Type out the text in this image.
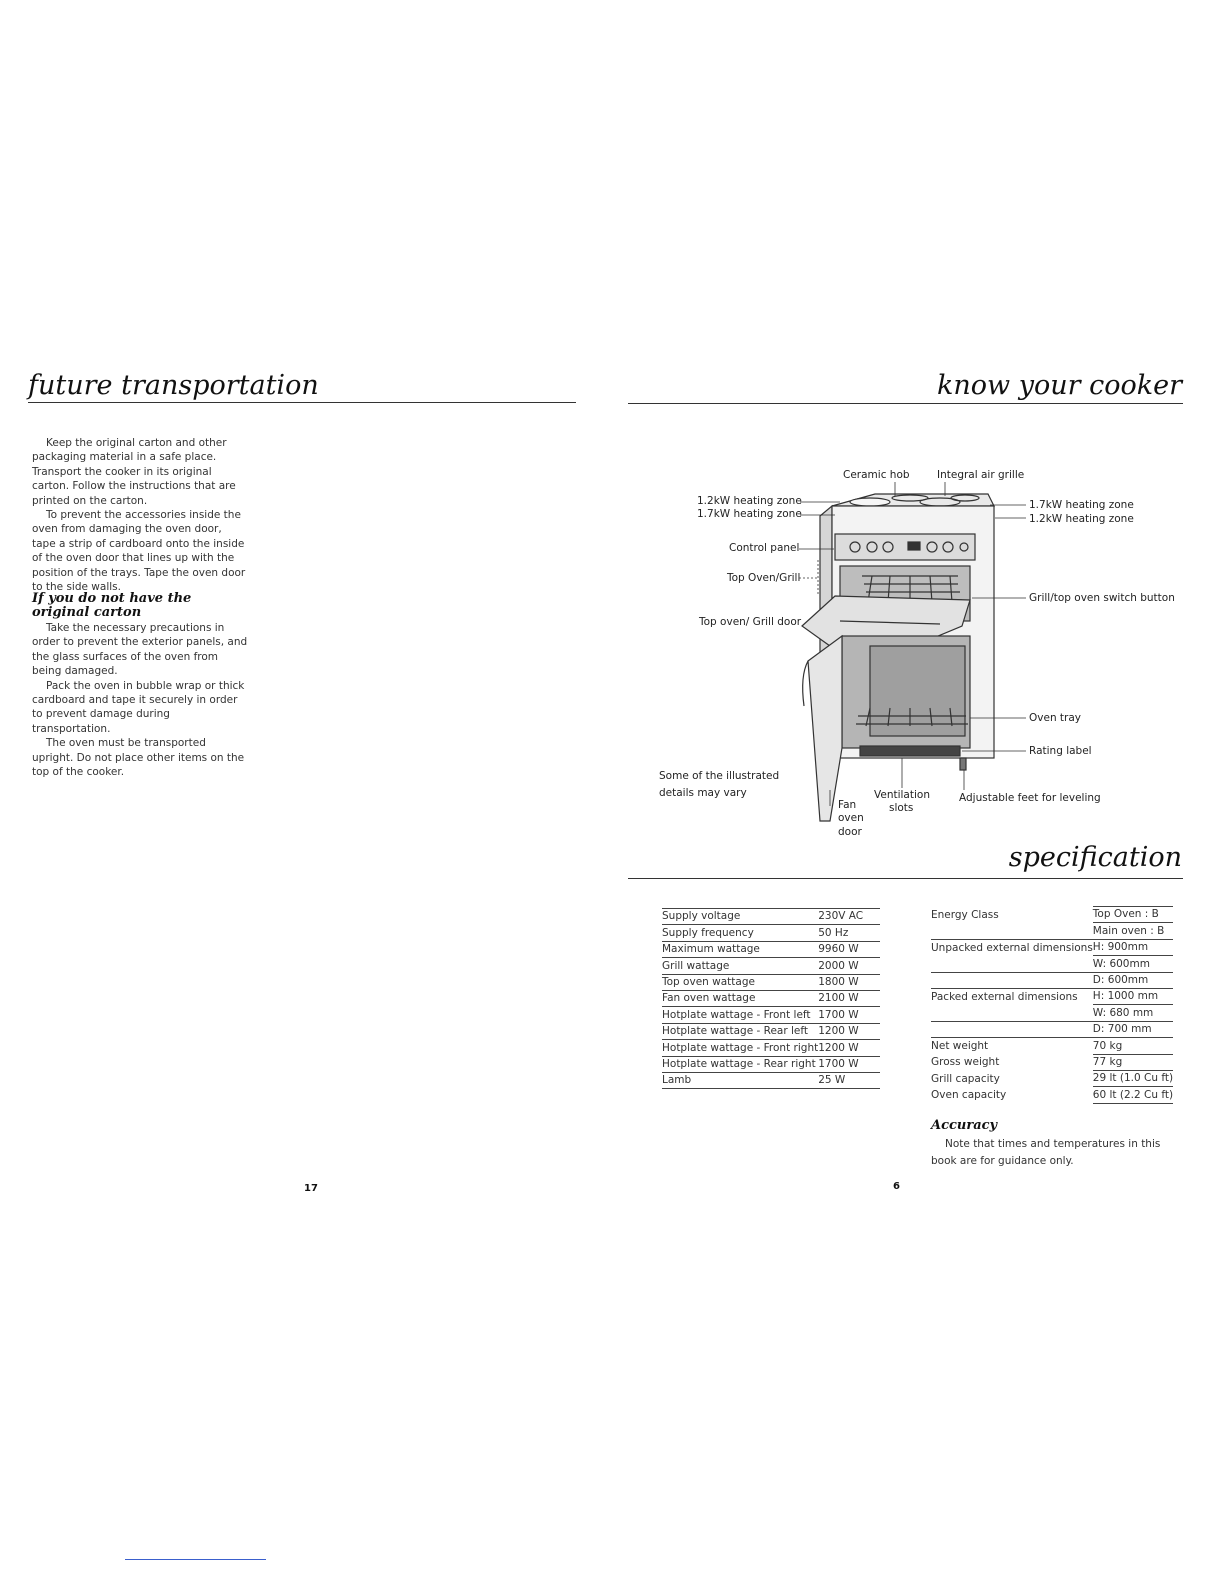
future transportation

Keep the original carton and other packaging material in a safe place. Transport the cooker in its original carton. Follow the instructions that are printed on the carton.

To prevent the accessories inside the oven from damaging the oven door, tape a strip of cardboard onto the inside of the oven door that lines up with the position of the trays. Tape the oven door to the side walls.

If you do not have the original carton

Take the necessary precautions in order to prevent the exterior panels, and the glass surfaces of the oven from being damaged.

Pack the oven in bubble wrap or thick cardboard and tape it securely in order to prevent damage during transportation.

The oven must be transported upright. Do not place other items on the top of the cooker.

17
know your cooker
Ceramic hob	Integral air grille
1.2kW heating zone
1.7kW heating zone
1.7kW heating zone
1.2kW heating zone
Control panel
Top Oven/Grill
Grill/top oven switch button
Top oven/ Grill door
Oven tray
Rating label
Some of the illustrated
details may vary	Ventilation
slots
Adjustable feet for leveling
Fan
oven
door
specification
Supply voltage	230V AC
Supply frequency	50 Hz
Maximum wattage	9960 W
Grill wattage	2000 W
Top oven wattage	1800 W
Fan oven wattage	2100 W
Hotplate wattage - Front left	1700 W
Hotplate wattage - Rear left	1200 W
Hotplate wattage - Front right	1200 W
Hotplate wattage - Rear right	1700 W
Lamb	25 W
Energy Class	Top Oven : B
	Main oven : B
Unpacked external dimensions	H: 900mm
	W: 600mm
	D: 600mm
Packed external dimensions	H: 1000 mm
	W: 680 mm
	D: 700 mm
Net weight	70 kg
Gross weight	77 kg
Grill capacity	29 lt (1.0 Cu ft)
Oven capacity	60 lt (2.2 Cu ft)

Accuracy

Note that times and temperatures in this book are for guidance only.
6
